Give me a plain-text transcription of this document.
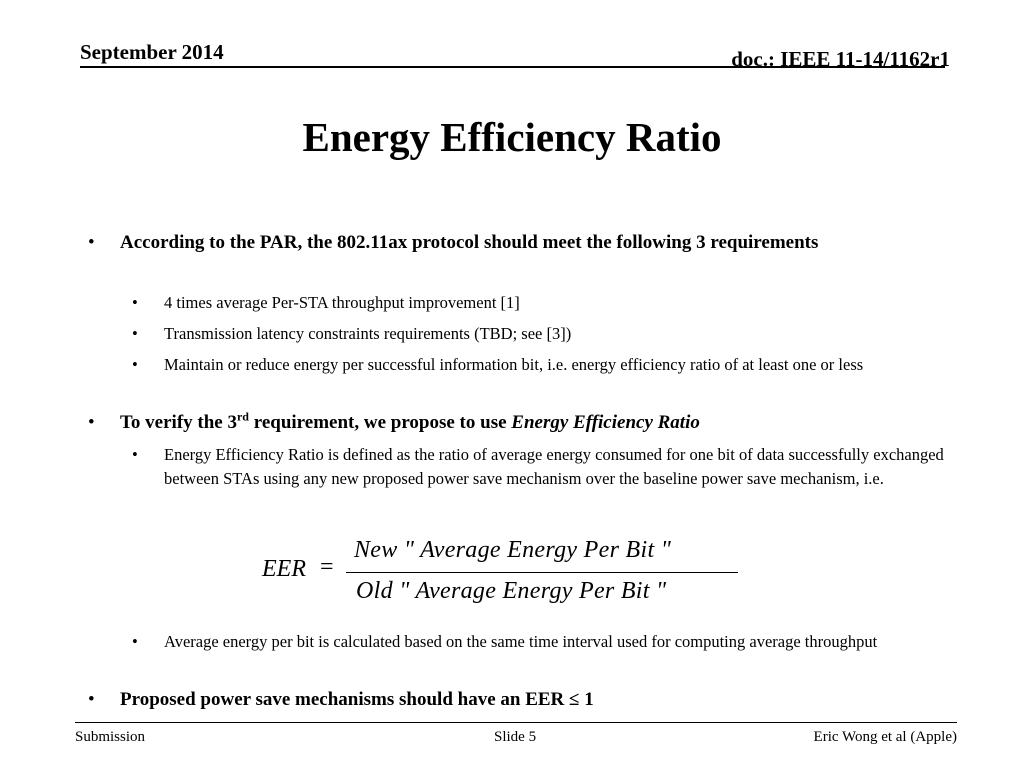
September 2014	doc.: IEEE 11-14/1162r1
Energy Efficiency Ratio
• According to the PAR, the 802.11ax protocol should meet the following 3 requirements
• 4 times average Per-STA throughput improvement [1]
• Transmission latency constraints requirements (TBD; see [3])
• Maintain or reduce energy per successful information bit, i.e. energy efficiency ratio of at least one or less
• To verify the 3rd requirement, we propose to use Energy Efficiency Ratio
• Energy Efficiency Ratio is defined as the ratio of average energy consumed for one bit of data successfully exchanged between STAs using any new proposed power save mechanism over the baseline power save mechanism, i.e.
EER =
New " Average Energy Per Bit "
Old " Average Energy Per Bit "
• Average energy per bit is calculated based on the same time interval used for computing average throughput
• Proposed power save mechanisms should have an EER ≤ 1
Submission	Slide 5	Eric Wong et al (Apple)
